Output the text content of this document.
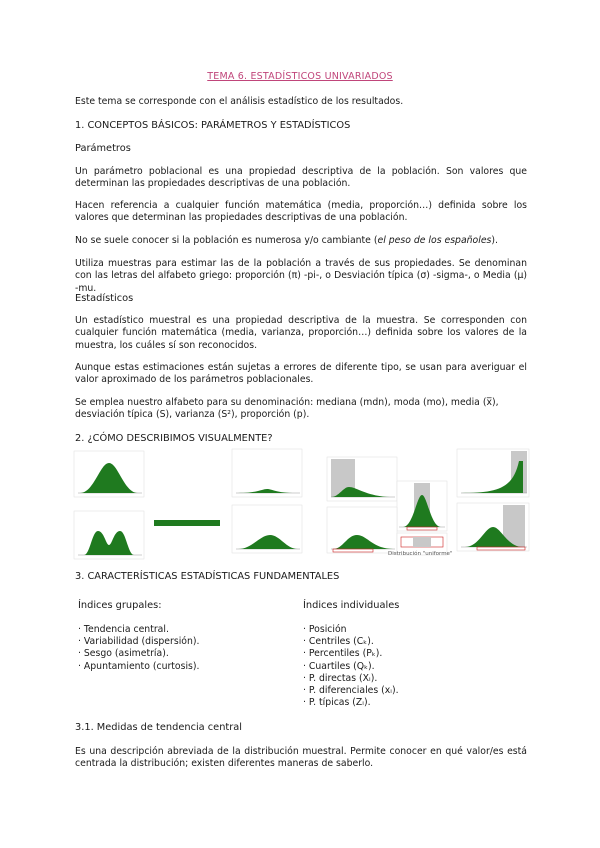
TEMA 6. ESTADÍSTICOS UNIVARIADOS

Este tema se corresponde con el análisis estadístico de los resultados.

1. CONCEPTOS BÁSICOS: PARÁMETROS Y ESTADÍSTICOS

Parámetros

Un parámetro poblacional es una propiedad descriptiva de la población. Son valores que determinan las propiedades descriptivas de una población.

Hacen referencia a cualquier función matemática (media, proporción…) definida sobre los valores que determinan las propiedades descriptivas de una población.

No se suele conocer si la población es numerosa y/o cambiante (el peso de los españoles).

Utiliza muestras para estimar las de la población a través de sus propiedades. Se denominan con las letras del alfabeto griego: proporción (π) -pi-, o Desviación típica (σ) -sigma-, o Media (μ) -mu.

Estadísticos

Un estadístico muestral es una propiedad descriptiva de la muestra. Se corresponden con cualquier función matemática (media, varianza, proporción…) definida sobre los valores de la muestra, los cuáles sí son reconocidos.

Aunque estas estimaciones están sujetas a errores de diferente tipo, se usan para averiguar el valor aproximado de los parámetros poblacionales.

Se emplea nuestro alfabeto para su denominación: mediana (mdn), moda (mo), media (x̅), desviación típica (S), varianza (S²), proporción (p).

2. ¿CÓMO DESCRIBIMOS VISUALMENTE?

Distribución "uniforme"

3. CARACTERÍSTICAS ESTADÍSTICAS FUNDAMENTALES

Índices grupales:

· Tendencia central.
· Variabilidad (dispersión).
· Sesgo (asimetría).
· Apuntamiento (curtosis).

Índices individuales

· Posición
· Centriles (Cₖ).
· Percentiles (Pₖ).
· Cuartiles (Qₖ).
· P. directas (Xᵢ).
· P. diferenciales (xᵢ).
· P. típicas (Zᵢ).

3.1. Medidas de tendencia central

Es una descripción abreviada de la distribución muestral. Permite conocer en qué valor/es está centrada la distribución; existen diferentes maneras de saberlo.
